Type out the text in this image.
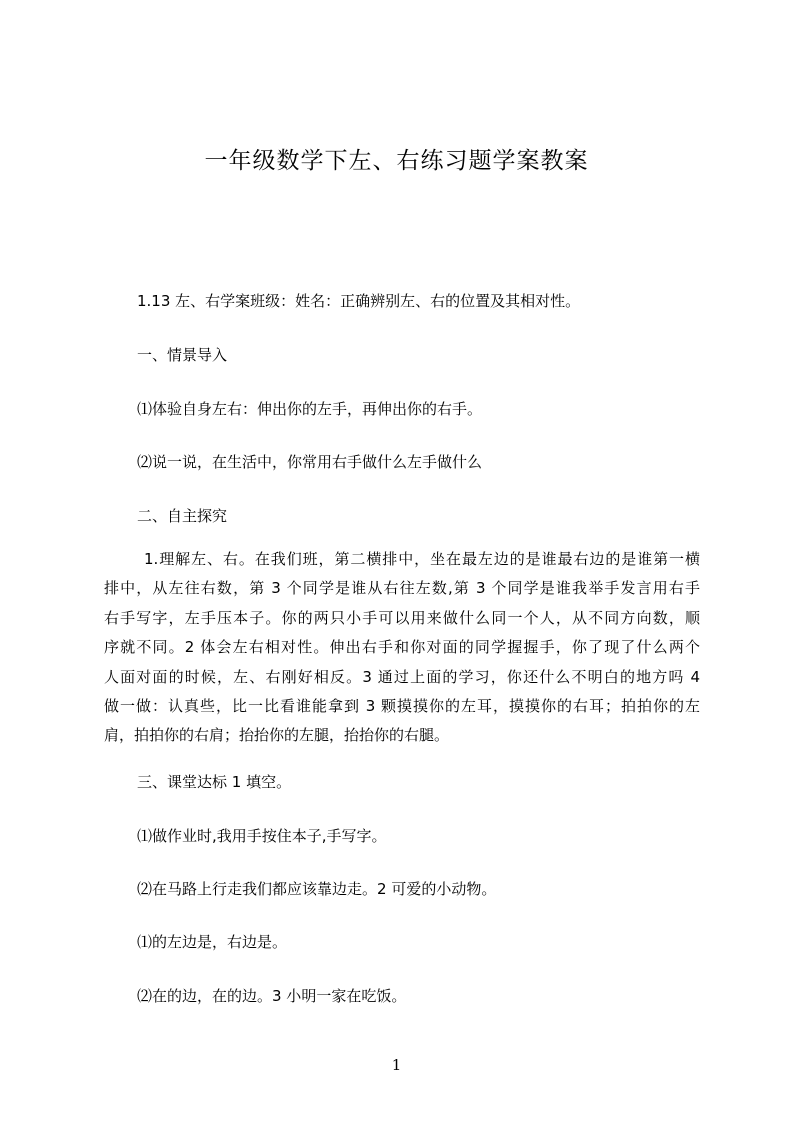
一年级数学下左、右练习题学案教案
1.13 左、右学案班级：姓名：正确辨别左、右的位置及其相对性。
一、情景导入
⑴体验自身左右：伸出你的左手，再伸出你的右手。
⑵说一说，在生活中，你常用右手做什么左手做什么
二、自主探究
1.理解左、右。在我们班，第二横排中，坐在最左边的是谁最右边的是谁第一横
排中，从左往右数，第 3 个同学是谁从右往左数,第 3 个同学是谁我举手发言用右手
右手写字，左手压本子。你的两只小手可以用来做什么同一个人，从不同方向数，顺
序就不同。2 体会左右相对性。伸出右手和你对面的同学握握手，你了现了什么两个
人面对面的时候，左、右刚好相反。3 通过上面的学习，你还什么不明白的地方吗 4
做一做：认真些，比一比看谁能拿到 3 颗摸摸你的左耳，摸摸你的右耳；拍拍你的左
肩，拍拍你的右肩；抬抬你的左腿，抬抬你的右腿。
三、课堂达标 1 填空。
⑴做作业时,我用手按住本子,手写字。
⑵在马路上行走我们都应该靠边走。2 可爱的小动物。
⑴的左边是，右边是。
⑵在的边，在的边。3 小明一家在吃饭。
1
